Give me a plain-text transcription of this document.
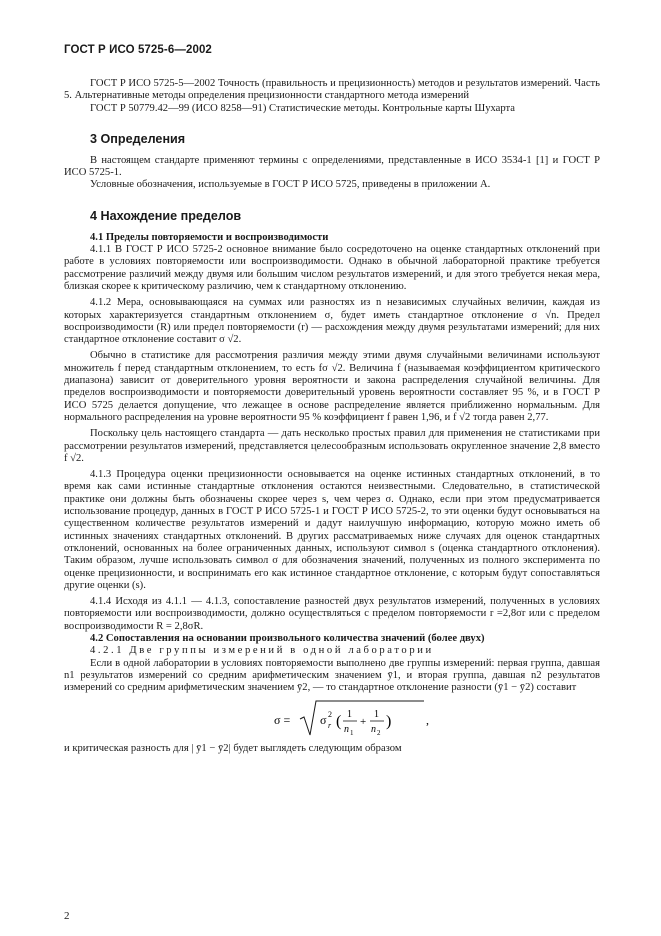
ГОСТ Р ИСО 5725-6—2002

ГОСТ Р ИСО 5725-5—2002 Точность (правильность и прецизионность) методов и результатов измерений. Часть 5. Альтернативные методы определения прецизионности стандартного метода измерений

ГОСТ Р 50779.42—99 (ИСО 8258—91) Статистические методы. Контрольные карты Шухарта

3 Определения

В настоящем стандарте применяют термины с определениями, представленные в ИСО 3534-1 [1] и ГОСТ Р ИСО 5725-1.

Условные обозначения, используемые в ГОСТ Р ИСО 5725, приведены в приложении А.

4 Нахождение пределов

4.1 Пределы повторяемости и воспроизводимости

4.1.1 В ГОСТ Р ИСО 5725-2 основное внимание было сосредоточено на оценке стандартных отклонений при работе в условиях повторяемости или воспроизводимости. Однако в обычной лабораторной практике требуется рассмотрение различий между двумя или большим числом результатов измерений, и для этого требуется некая мера, близкая скорее к критическому различию, чем к стандартному отклонению.

4.1.2 Мера, основывающаяся на суммах или разностях из n независимых случайных величин, каждая из которых характеризуется стандартным отклонением σ, будет иметь стандартное отклонение σ √n. Предел воспроизводимости (R) или предел повторяемости (r) — расхождения между двумя результатами измерений; для них стандартное отклонение составит σ √2.

Обычно в статистике для рассмотрения различия между этими двумя случайными величинами используют множитель f перед стандартным отклонением, то есть fσ √2. Величина f (называемая коэффициентом критического диапазона) зависит от доверительного уровня вероятности и закона распределения случайной величины. Для пределов воспроизводимости и повторяемости доверительный уровень вероятности составляет 95 %, и в ГОСТ Р ИСО 5725 делается допущение, что лежащее в основе распределение является приближенно нормальным. Для нормального распределения на уровне вероятности 95 % коэффициент f равен 1,96, и f √2 тогда равен 2,77.

Поскольку цель настоящего стандарта — дать несколько простых правил для применения не статистиками при рассмотрении результатов измерений, представляется целесообразным использовать округленное значение 2,8 вместо f √2.

4.1.3 Процедура оценки прецизионности основывается на оценке истинных стандартных отклонений, в то время как сами истинные стандартные отклонения остаются неизвестными. Следовательно, в статистической практике они должны быть обозначены скорее через s, чем через σ. Однако, если при этом предусматривается использование процедур, данных в ГОСТ Р ИСО 5725-1 и ГОСТ Р ИСО 5725-2, то эти оценки будут основываться на существенном количестве результатов измерений и дадут наилучшую информацию, которую можно иметь об истинных значениях стандартных отклонений. В других рассматриваемых ниже случаях для оценок стандартных отклонений, основанных на более ограниченных данных, используют символ s (оценка стандартного отклонения). Таким образом, лучше использовать символ σ для обозначения значений, полученных из полного эксперимента по оценке прецизионности, и воспринимать его как истинное стандартное отклонение, с которым будут сопоставляться другие оценки (s).

4.1.4 Исходя из 4.1.1 — 4.1.3, сопоставление разностей двух результатов измерений, полученных в условиях повторяемости или воспроизводимости, должно осуществляться с пределом повторяемости r =2,8σr или с пределом воспроизводимости R = 2,8σR.

4.2 Сопоставления на основании произвольного количества значений (более двух)

4.2.1 Две группы измерений в одной лаборатории

Если в одной лаборатории в условиях повторяемости выполнено две группы измерений: первая группа, давшая n1 результатов измерений со средним арифметическим значением ȳ1, и вторая группа, давшая n2 результатов измерений со средним арифметическим значением ȳ2, — то стандартное отклонение разности (ȳ1 − ȳ2) составит

σ = σ 2
r ( 1
n 1
+
1
n 2
)	,

и критическая разность для | ȳ1 − ȳ2| будет выглядеть следующим образом

2
